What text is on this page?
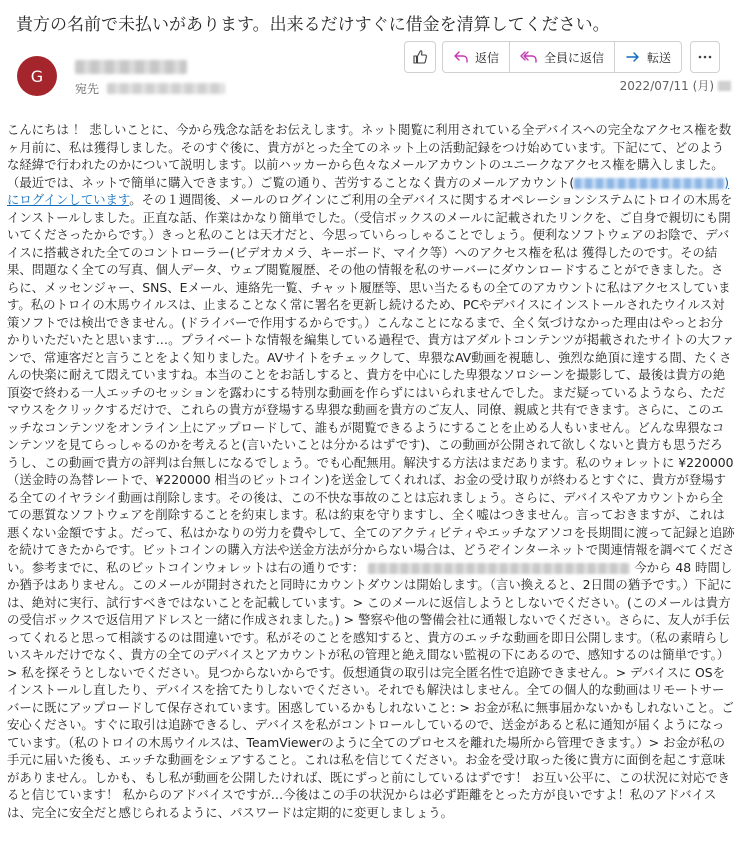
貴方の名前で未払いがあります。出来るだけすぐに借金を清算してください。
G
宛先
返信	全員に返信	転送
2022/07/11 (月)
こんにちは ！ 悲しいことに、今から残念な話をお伝えします。ネット閲覧に利用されている全デバイスへの完全なアクセス権を数ヶ月前に、私は獲得しました。そのすぐ後に、貴方がとった全てのネット上の活動記録をつけ始めています。下記にて、どのような経緯で行われたのかについて説明します。以前ハッカーから色々なメールアカウントのユニークなアクセス権を購入しました。（最近では、ネットで簡単に購入できます。）ご覧の通り、苦労することなく貴方のメールアカウント(	)にログインしています。その１週間後、メールのログインにご利用の全デバイスに関するオペレーションシステムにトロイの木馬をインストールしました。正直な話、作業はかなり簡単でした。（受信ボックスのメールに記載されたリンクを、ご自身で親切にも開いてくださったからです。）きっと私のことは天才だと、今思っていらっしゃることでしょう。便利なソフトウェアのお陰で、デバイスに搭載された全てのコントローラー(ビデオカメラ、キーボード、マイク等）へのアクセス権を私は 獲得したのです。その結果、問題なく全ての写真、個人データ、ウェブ閲覧履歴、その他の情報を私のサーバーにダウンロードすることができました。さらに、メッセンジャー、SNS、Eメール、連絡先一覧、チャット履歴等、思い当たるもの全てのアカウントに私はアクセスしています。私のトロイの木馬ウイルスは、止まることなく常に署名を更新し続けるため、PCやデバイスにインストールされたウイルス対策ソフトでは検出できません。(ドライバーで作用するからです。）こんなことになるまで、全く気づけなかった理由はやっとお分かりいただいたと思います…。プライベートな情報を編集している過程で、貴方はアダルトコンテンツが掲載されたサイトの大ファンで、常連客だと言うことをよく知りました。AVサイトをチェックして、卑猥なAV動画を視聴し、強烈な絶頂に達する間、たくさんの快楽に耐えて悶えていますね。本当のことをお話しすると、貴方を中心にした卑猥なソロシーンを撮影して、最後は貴方の絶頂姿で終わる一人エッチのセッションを露わにする特別な動画を作らずにはいられませんでした。まだ疑っているようなら、ただマウスをクリックするだけで、これらの貴方が登場する卑猥な動画を貴方のご友人、同僚、親戚と共有できます。さらに、このエッチなコンテンツをオンライン上にアップロードして、誰もが閲覧できるようにすることを止める人もいません。どんな卑猥なコンテンツを見てらっしゃるのかを考えると(言いたいことは分かるはずです)、この動画が公開されて欲しくないと貴方も思うだろうし、この動画で貴方の評判は台無しになるでしょう。でも心配無用。解決する方法はまだあります。私のウォレットに ¥220000（送金時の為替レートで、¥220000 相当のビットコイン)を送金してくれれば、お金の受け取りが終わるとすぐに、貴方が登場する全てのイヤラシイ動画は削除します。その後は、この不快な事故のことは忘れましょう。さらに、デバイスやアカウントから全ての悪質なソフトウェアを削除することを約束します。私は約束を守りますし、全く嘘はつきません。言っておきますが、これは悪くない金額ですよ。だって、私はかなりの労力を費やして、全てのアクティビティやエッチなアソコを長期間に渡って記録と追跡を続けてきたからです。ビットコインの購入方法や送金方法が分からない場合は、どうぞインターネットで関連情報を調べてください。参考までに、私のビットコインウォレットは右の通りです：	今から 48 時間しか猶予はありません。このメールが開封されたと同時にカウントダウンは開始します。（言い換えると、2日間の猶予です。）下記には、絶対に実行、試行すべきではないことを記載しています。> このメールに返信しようとしないでください。(このメールは貴方の受信ボックスで返信用アドレスと一緒に作成されました。) > 警察や他の警備会社に通報しないでください。さらに、友人が手伝ってくれると思って相談するのは間違いです。私がそのことを感知すると、貴方のエッチな動画を即日公開します。（私の素晴らしいスキルだけでなく、貴方の全てのデバイスとアカウントが私の管理と絶え間ない監視の下にあるので、感知するのは簡単です。）> 私を探そうとしないでください。見つからないからです。仮想通貨の取引は完全匿名性で追跡できません。> デバイスに OSをインストールし直したり、デバイスを捨てたりしないでください。それでも解決はしません。全ての個人的な動画はリモートサーバーに既にアップロードして保存されています。困惑しているかもしれないこと: > お金が私に無事届かないかもしれないこと。ご安心ください。すぐに取引は追跡できるし、デバイスを私がコントロールしているので、送金があると私に通知が届くようになっています。（私のトロイの木馬ウイルスは、TeamViewerのように全てのプロセスを離れた場所から管理できます。）> お金が私の手元に届いた後も、エッチな動画をシェアすること。これは私を信じてください。お金を受け取った後に貴方に面倒を起こす意味がありません。しかも、もし私が動画を公開したければ、既にずっと前にしているはずです！ お互い公平に、この状況に対応できると信じています！ 私からのアドバイスですが…今後はこの手の状況からは必ず距離をとった方が良いですよ！私のアドバイスは、完全に安全だと感じられるように、パスワードは定期的に変更しましょう。
